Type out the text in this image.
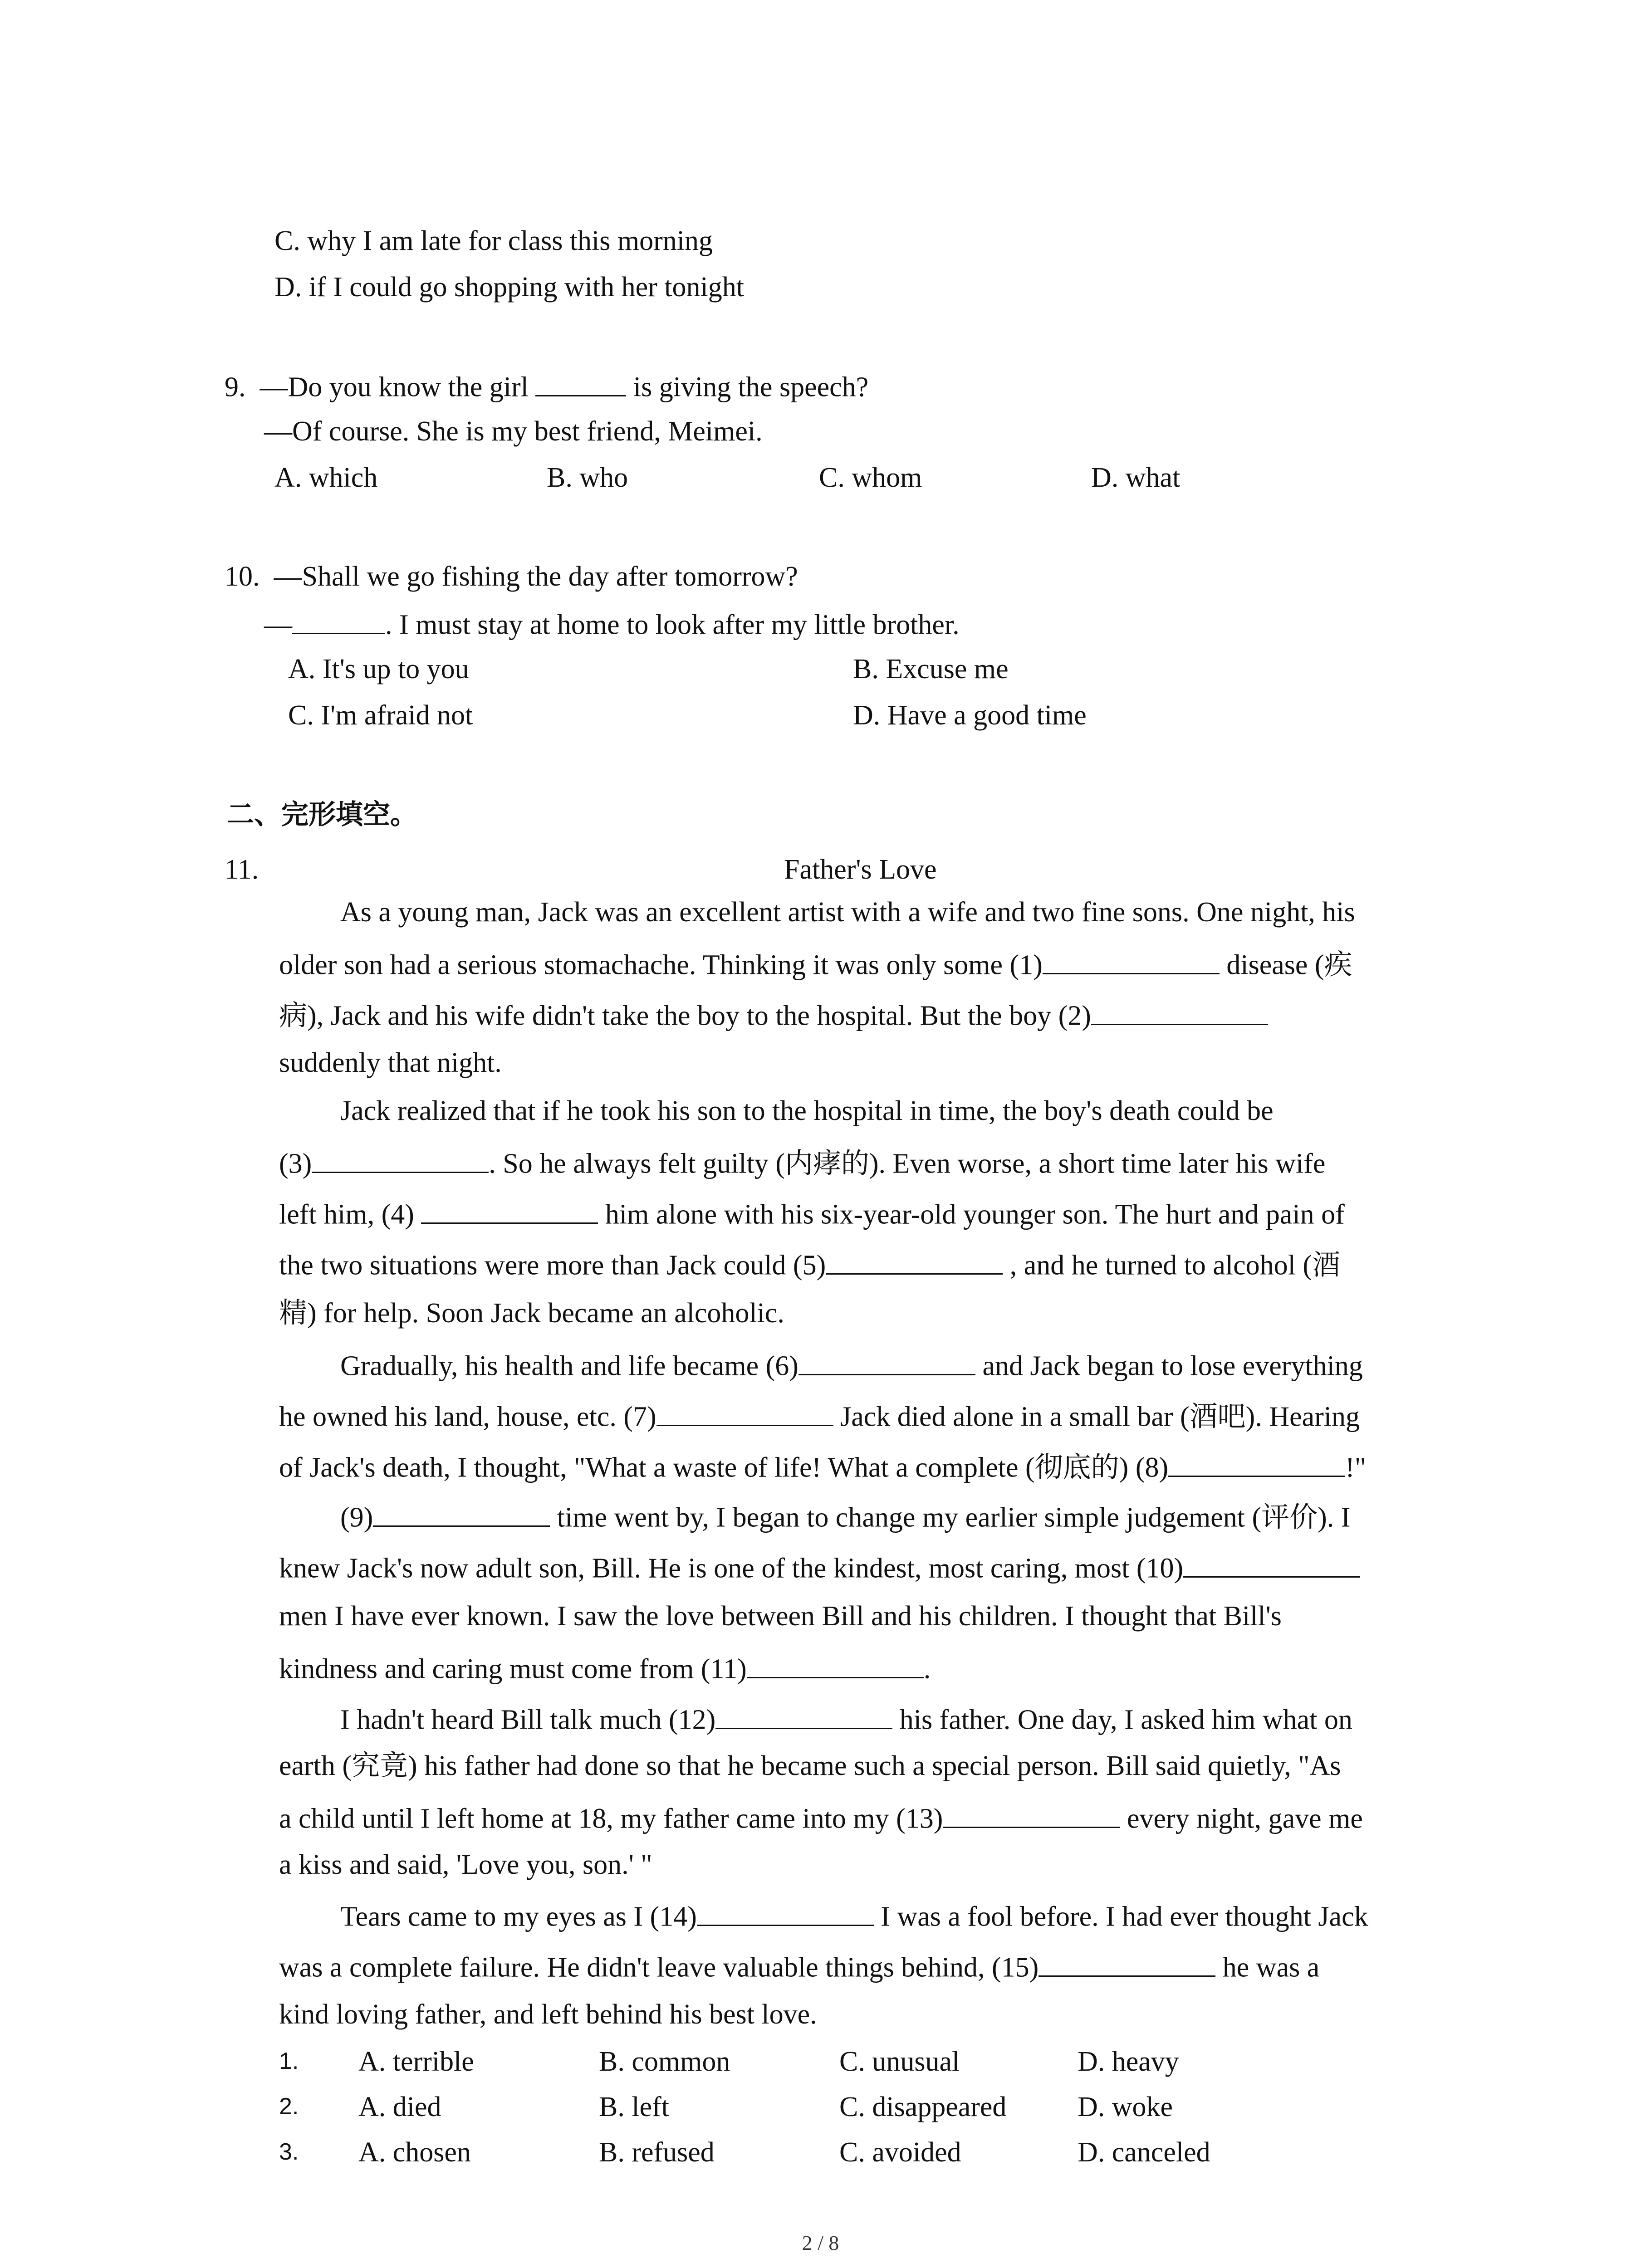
C. why I am late for class this morning
D. if I could go shopping with her tonight
9. —Do you know the girl	is giving the speech?
—Of course. She is my best friend, Meimei.
A. which	B. who	C. whom	D. what
10. —Shall we go fishing the day after tomorrow?
—	. I must stay at home to look after my little brother.
A. It's up to you	B. Excuse me
C. I'm afraid not	D. Have a good time
二、完形填空。
11.	Father's Love
As a young man, Jack was an excellent artist with a wife and two fine sons. One night, his
older son had a serious stomachache. Thinking it was only some (1)	disease (疾
病), Jack and his wife didn't take the boy to the hospital. But the boy (2)
suddenly that night.
Jack realized that if he took his son to the hospital in time, the boy's death could be
(3)	. So he always felt guilty (内痚的). Even worse, a short time later his wife
left him, (4)	him alone with his six-year-old younger son. The hurt and pain of
the two situations were more than Jack could (5)	, and he turned to alcohol (酒
精) for help. Soon Jack became an alcoholic.
Gradually, his health and life became (6)	and Jack began to lose everything
he owned his land, house, etc. (7)	Jack died alone in a small bar (酒吧). Hearing
of Jack's death, I thought, "What a waste of life! What a complete (彻底的) (8)	!"
(9)	time went by, I began to change my earlier simple judgement (评价). I
knew Jack's now adult son, Bill. He is one of the kindest, most caring, most (10)
men I have ever known. I saw the love between Bill and his children. I thought that Bill's
kindness and caring must come from (11)	.
I hadn't heard Bill talk much (12)	his father. One day, I asked him what on
earth (究竟) his father had done so that he became such a special person. Bill said quietly, "As
a child until I left home at 18, my father came into my (13)	every night, gave me
a kiss and said, 'Love you, son.' "
Tears came to my eyes as I (14)	I was a fool before. I had ever thought Jack
was a complete failure. He didn't leave valuable things behind, (15)	he was a
kind loving father, and left behind his best love.
1. A. terrible	B. common	C. unusual	D. heavy
2. A. died	B. left	C. disappeared	D. woke
3. A. chosen	B. refused	C. avoided	D. canceled
2 / 8
